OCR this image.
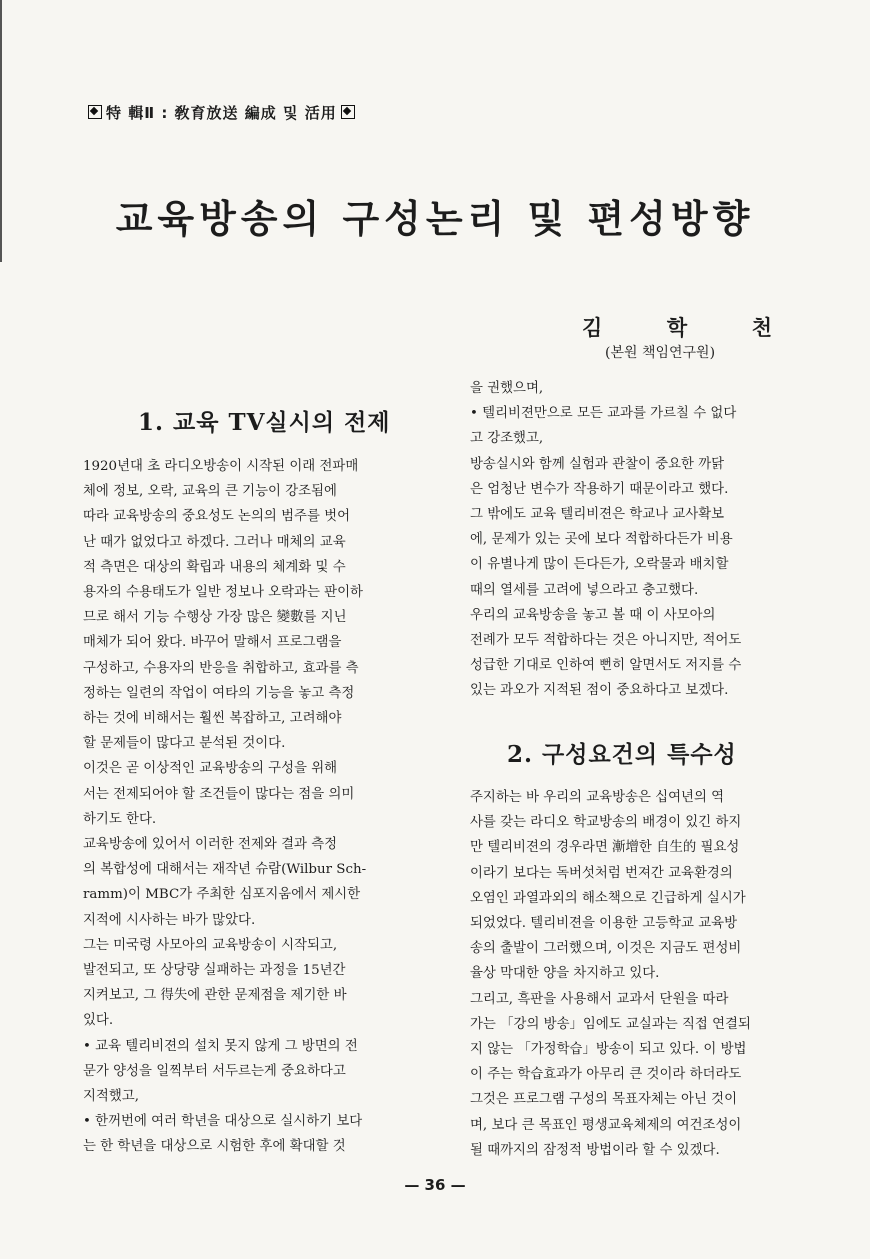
特 輯Ⅱ : 敎育放送 編成 및 活用
교육방송의 구성논리 및 편성방향
김	학	천
(본원 책임연구원)
1. 교육 TV실시의 전제
2. 구성요건의 특수성

1920년대 초 라디오방송이 시작된 이래 전파매

체에 정보, 오락, 교육의 큰 기능이 강조됨에

따라 교육방송의 중요성도 논의의 범주를 벗어

난 때가 없었다고 하겠다. 그러나 매체의 교육

적 측면은 대상의 확립과 내용의 체계화 및 수

용자의 수용태도가 일반 정보나 오락과는 판이하

므로 해서 기능 수행상 가장 많은 變數를 지닌

매체가 되어 왔다. 바꾸어 말해서 프로그램을

구성하고, 수용자의 반응을 취합하고, 효과를 측

정하는 일련의 작업이 여타의 기능을 놓고 측정

하는 것에 비해서는 훨씬 복잡하고, 고려해야

할 문제들이 많다고 분석된 것이다.

이것은 곧 이상적인 교육방송의 구성을 위해

서는 전제되어야 할 조건들이 많다는 점을 의미

하기도 한다.

교육방송에 있어서 이러한 전제와 결과 측정

의 복합성에 대해서는 재작년 슈람(Wilbur Sch-

ramm)이 MBC가 주최한 심포지움에서 제시한

지적에 시사하는 바가 많았다.

그는 미국령 사모아의 교육방송이 시작되고,

발전되고, 또 상당량 실패하는 과정을 15년간

지켜보고, 그 得失에 관한 문제점을 제기한 바

있다.

• 교육 텔리비젼의 설치 못지 않게 그 방면의 전

문가 양성을 일찍부터 서두르는게 중요하다고

지적했고,

• 한꺼번에 여러 학년을 대상으로 실시하기 보다

는 한 학년을 대상으로 시험한 후에 확대할 것

을 권했으며,

• 텔리비젼만으로 모든 교과를 가르칠 수 없다

고 강조했고,

방송실시와 함께 실험과 관찰이 중요한 까닭

은 엄청난 변수가 작용하기 때문이라고 했다.

그 밖에도 교육 텔리비젼은 학교나 교사확보

에, 문제가 있는 곳에 보다 적합하다든가 비용

이 유별나게 많이 든다든가, 오락물과 배치할

때의 열세를 고려에 넣으라고 충고했다.

우리의 교육방송을 놓고 볼 때 이 사모아의

전례가 모두 적합하다는 것은 아니지만, 적어도

성급한 기대로 인하여 뻔히 알면서도 저지를 수

있는 과오가 지적된 점이 중요하다고 보겠다.

주지하는 바 우리의 교육방송은 십여년의 역

사를 갖는 라디오 학교방송의 배경이 있긴 하지

만 텔리비젼의 경우라면 漸增한 自生的 필요성

이라기 보다는 독버섯처럼 번져간 교육환경의

오염인 과열과외의 해소책으로 긴급하게 실시가

되었었다. 텔리비젼을 이용한 고등학교 교육방

송의 출발이 그러했으며, 이것은 지금도 편성비

율상 막대한 양을 차지하고 있다.

그리고, 흑판을 사용해서 교과서 단원을 따라

가는 「강의 방송」임에도 교실과는 직접 연결되

지 않는 「가정학습」방송이 되고 있다. 이 방법

이 주는 학습효과가 아무리 큰 것이라 하더라도

그것은 프로그램 구성의 목표자체는 아닌 것이

며, 보다 큰 목표인 평생교육체제의 여건조성이

될 때까지의 잠정적 방법이라 할 수 있겠다.

— 36 —
